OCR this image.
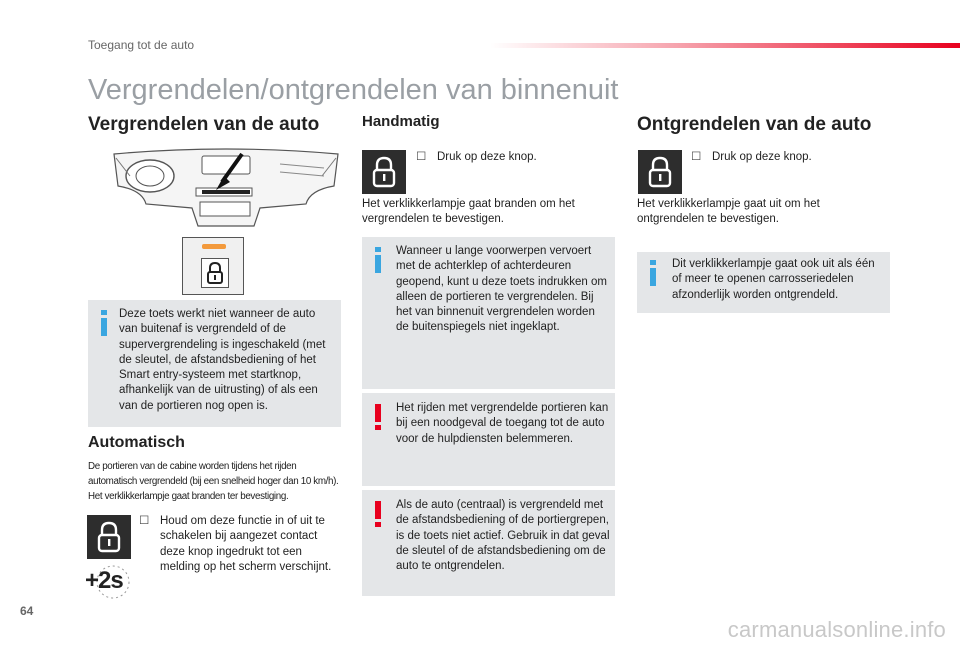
Toegang tot de auto
Vergrendelen/ontgrendelen van binnenuit
Vergrendelen van de auto
Deze toets werkt niet wanneer de auto van buitenaf is vergrendeld of de supervergrendeling is ingeschakeld (met de sleutel, de afstandsbediening of het Smart entry-systeem met startknop, afhankelijk van de uitrusting) of als een van de portieren nog open is.
Automatisch
De portieren van de cabine worden tijdens het rijden automatisch vergrendeld (bij een snelheid hoger dan 10 km/h). Het verklikkerlampje gaat branden ter bevestiging.
+2s
☐ Houd om deze functie in of uit te schakelen bij aangezet contact deze knop ingedrukt tot een melding op het scherm verschijnt.
Handmatig
☐ Druk op deze knop.
Het verklikkerlampje gaat branden om het vergrendelen te bevestigen.
Wanneer u lange voorwerpen vervoert met de achterklep of achterdeuren geopend, kunt u deze toets indrukken om alleen de portieren te vergrendelen. Bij het van binnenuit vergrendelen worden de buitenspiegels niet ingeklapt.
Het rijden met vergrendelde portieren kan bij een noodgeval de toegang tot de auto voor de hulpdiensten belemmeren.
Als de auto (centraal) is vergrendeld met de afstandsbediening of de portiergrepen, is de toets niet actief. Gebruik in dat geval de sleutel of de afstandsbediening om de auto te ontgrendelen.
Ontgrendelen van de auto
☐ Druk op deze knop.
Het verklikkerlampje gaat uit om het ontgrendelen te bevestigen.
Dit verklikkerlampje gaat ook uit als één of meer te openen carrosseriedelen afzonderlijk worden ontgrendeld.
64
carmanualsonline.info
